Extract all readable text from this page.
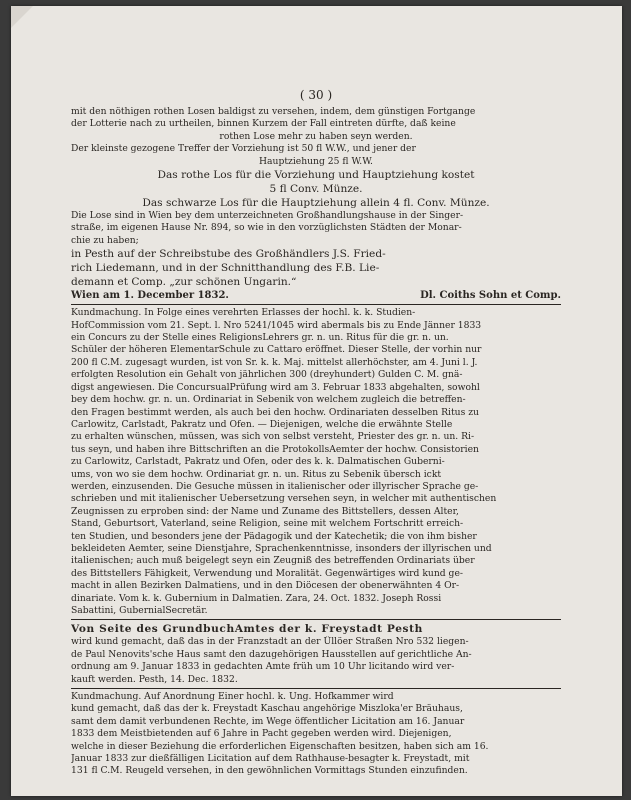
( 30 )
mit den nöthigen rothen Losen baldigst zu versehen, indem, dem günstigen Fortgange
der Lotterie nach zu urtheilen, binnen Kurzem der Fall eintreten dürfte, daß keine
rothen Lose mehr zu haben seyn werden.
Der kleinste gezogene Treffer der Vorziehung ist 50 fl W.W., und jener der
Hauptziehung 25 fl W.W.
Das rothe Los für die Vorziehung und Hauptziehung kostet
5 fl Conv. Münze.
Das schwarze Los für die Hauptziehung allein 4 fl. Conv. Münze.
Die Lose sind in Wien bey dem unterzeichneten Großhandlungshause in der Singer-
straße, im eigenen Hause Nr. 894, so wie in den vorzüglichsten Städten der Monar-
chie zu haben;
in Pesth auf der Schreibstube des Großhändlers J.S. Fried-
rich Liedemann, und in der Schnitthandlung des F.B. Lie-
demann et Comp. „zur schönen Ungarin.“
Wien am 1. December 1832.	Dl. Coiths Sohn et Comp.
Kundmachung. In Folge eines verehrten Erlasses der hochl. k. k. Studien-
HofCommission vom 21. Sept. l. Nro 5241/1045 wird abermals bis zu Ende Jänner 1833
ein Concurs zu der Stelle eines ReligionsLehrers gr. n. un. Ritus für die gr. n. un.
Schüler der höheren ElementarSchule zu Cattaro eröffnet. Dieser Stelle, der vorhin nur
200 fl C.M. zugesagt wurden, ist von Sr. k. k. Maj. mittelst allerhöchster, am 4. Juni l. J.
erfolgten Resolution ein Gehalt von jährlichen 300 (dreyhundert) Gulden C. M. gnä-
digst angewiesen. Die ConcursualPrüfung wird am 3. Februar 1833 abgehalten, sowohl
bey dem hochw. gr. n. un. Ordinariat in Sebenik von welchem zugleich die betreffen-
den Fragen bestimmt werden, als auch bei den hochw. Ordinariaten desselben Ritus zu
Carlowitz, Carlstadt, Pakratz und Ofen. — Diejenigen, welche die erwähnte Stelle
zu erhalten wünschen, müssen, was sich von selbst versteht, Priester des gr. n. un. Ri-
tus seyn, und haben ihre Bittschriften an die ProtokollsAemter der hochw. Consistorien
zu Carlowitz, Carlstadt, Pakratz und Ofen, oder des k. k. Dalmatischen Guberni-
ums, von wo sie dem hochw. Ordinariat gr. n. un. Ritus zu Sebenik übersch ickt
werden, einzusenden. Die Gesuche müssen in italienischer oder illyrischer Sprache ge-
schrieben und mit italienischer Uebersetzung versehen seyn, in welcher mit authentischen
Zeugnissen zu erproben sind: der Name und Zuname des Bittstellers, dessen Alter,
Stand, Geburtsort, Vaterland, seine Religion, seine mit welchem Fortschritt erreich-
ten Studien, und besonders jene der Pädagogik und der Katechetik; die von ihm bisher
bekleideten Aemter, seine Dienstjahre, Sprachenkenntnisse, insonders der illyrischen und
italienischen; auch muß beigelegt seyn ein Zeugniß des betreffenden Ordinariats über
des Bittstellers Fähigkeit, Verwendung und Moralität. Gegenwärtiges wird kund ge-
macht in allen Bezirken Dalmatiens, und in den Diöcesen der obenerwähnten 4 Or-
dinariate. Vom k. k. Gubernium in Dalmatien. Zara, 24. Oct. 1832. Joseph Rossi
Sabattini, GubernialSecretär.
Von Seite des GrundbuchAmtes der k. Freystadt Pesth
wird kund gemacht, daß das in der Franzstadt an der Üllöer Straßen Nro 532 liegen-
de Paul Nenovits'sche Haus samt den dazugehörigen Hausstellen auf gerichtliche An-
ordnung am 9. Januar 1833 in gedachten Amte früh um 10 Uhr licitando wird ver-
kauft werden. Pesth, 14. Dec. 1832.
Kundmachung. Auf Anordnung Einer hochl. k. Ung. Hofkammer wird
kund gemacht, daß das der k. Freystadt Kaschau angehörige Miszloka'er Bräuhaus,
samt dem damit verbundenen Rechte, im Wege öffentlicher Licitation am 16. Januar
1833 dem Meistbietenden auf 6 Jahre in Pacht gegeben werden wird. Diejenigen,
welche in dieser Beziehung die erforderlichen Eigenschaften besitzen, haben sich am 16.
Januar 1833 zur dießfälligen Licitation auf dem Rathhause-besagter k. Freystadt, mit
131 fl C.M. Reugeld versehen, in den gewöhnlichen Vormittags Stunden einzufinden.
